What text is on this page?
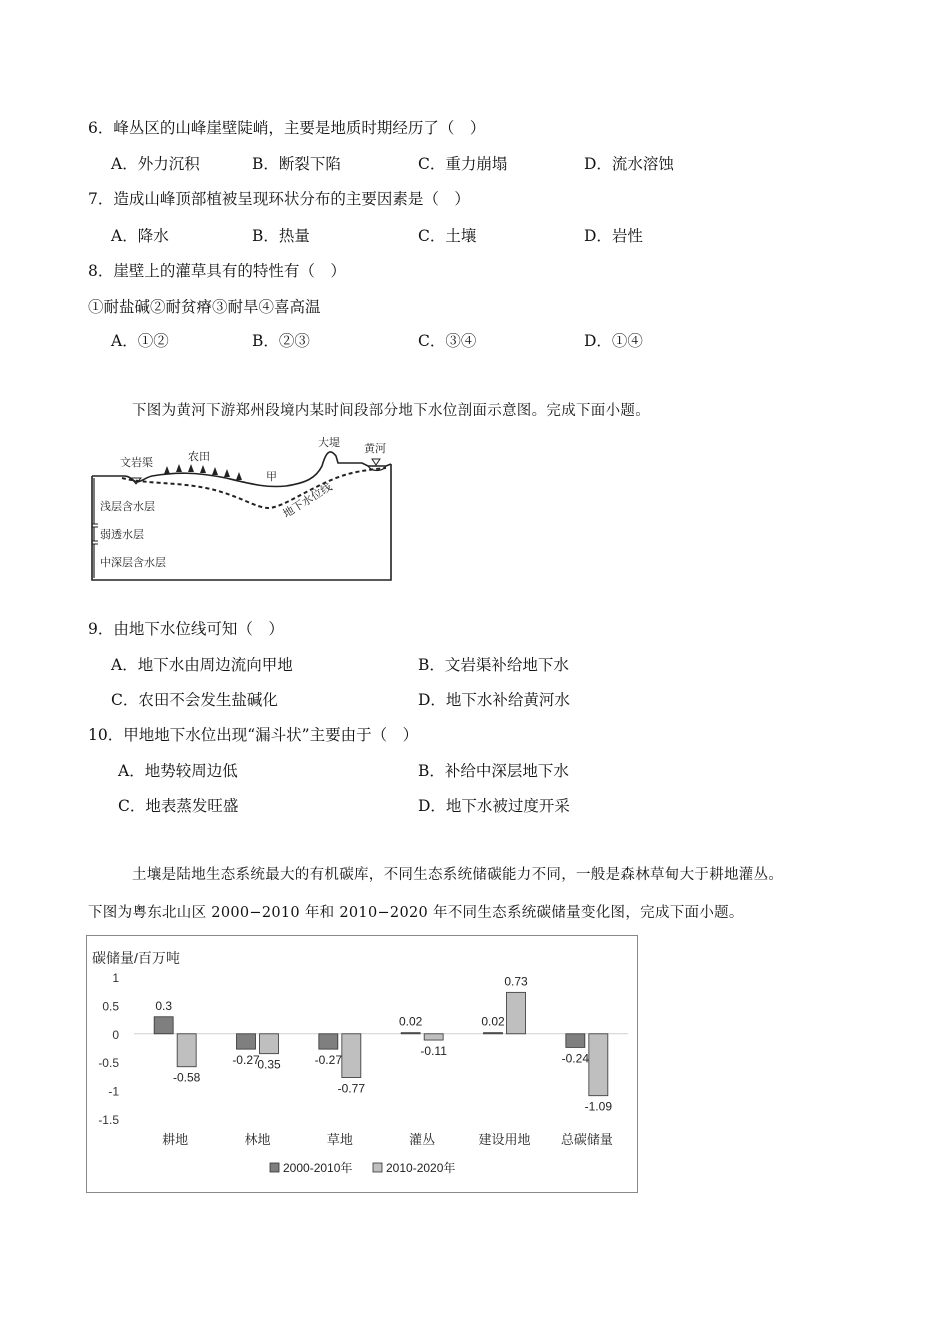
6．峰丛区的山峰崖壁陡峭，主要是地质时期经历了（　）
A．外力沉积	B．断裂下陷	C．重力崩塌	D．流水溶蚀
7．造成山峰顶部植被呈现环状分布的主要因素是（　）
A．降水	B．热量	C．土壤	D．岩性
8．崖壁上的灌草具有的特性有（　）
①耐盐碱②耐贫瘠③耐旱④喜高温
A．①②	B．②③	C．③④	D．①④
下图为黄河下游郑州段境内某时间段部分地下水位剖面示意图。完成下面小题。
文岩渠	农田
甲
大堤 黄河
地下水位线
浅层含水层
弱透水层
中深层含水层
9．由地下水位线可知（　）
A．地下水由周边流向甲地	B．文岩渠补给地下水
C．农田不会发生盐碱化	D．地下水补给黄河水
10．甲地地下水位出现“漏斗状”主要由于（　）
A．地势较周边低	B．补给中深层地下水
C．地表蒸发旺盛	D．地下水被过度开采
土壤是陆地生态系统最大的有机碳库，不同生态系统储碳能力不同，一般是森林草甸大于耕地灌丛。
下图为粤东北山区 2000−2010 年和 2010−2020 年不同生态系统碳储量变化图，完成下面小题。
碳储量/百万吨
1
0.5
0
-0.5
-1
-1.5
耕地
0.3
-0.58
林地
-0.27
0.35
草地
-0.27
-0.77
灌丛
0.02
-0.11
建设用地
0.02
0.73
总碳储量
-0.24
-1.09
2000-2010年	2010-2020年
